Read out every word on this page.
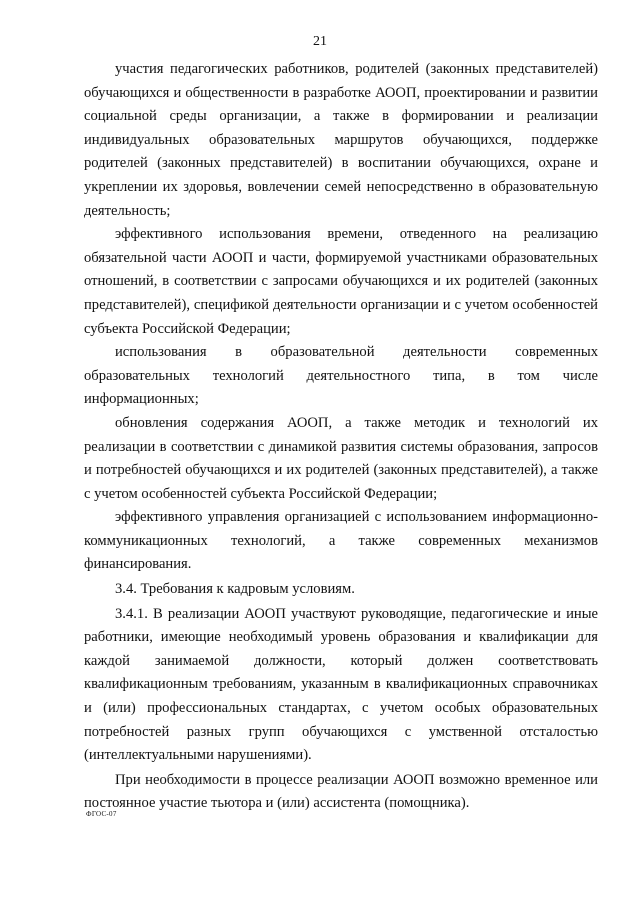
21

участия педагогических работников, родителей (законных представителей) обучающихся и общественности в разработке АООП, проектировании и развитии социальной среды организации, а также в формировании и реализации индивидуальных образовательных маршрутов обучающихся, поддержке родителей (законных представителей) в воспитании обучающихся, охране и укреплении их здоровья, вовлечении семей непосредственно в образовательную деятельность;

эффективного использования времени, отведенного на реализацию обязательной части АООП и части, формируемой участниками образовательных отношений, в соответствии с запросами обучающихся и их родителей (законных представителей), спецификой деятельности организации и с учетом особенностей субъекта Российской Федерации;

использования в образовательной деятельности современных образовательных технологий деятельностного типа, в том числе информационных;

обновления содержания АООП, а также методик и технологий их реализации в соответствии с динамикой развития системы образования, запросов и потребностей обучающихся и их родителей (законных представителей), а также с учетом особенностей субъекта Российской Федерации;

эффективного управления организацией с использованием информационно-коммуникационных технологий, а также современных механизмов финансирования.

3.4. Требования к кадровым условиям.

3.4.1. В реализации АООП участвуют руководящие, педагогические и иные работники, имеющие необходимый уровень образования и квалификации для каждой занимаемой должности, который должен соответствовать квалификационным требованиям, указанным в квалификационных справочниках и (или) профессиональных стандартах, с учетом особых образовательных потребностей разных групп обучающихся с умственной отсталостью (интеллектуальными нарушениями).

При необходимости в процессе реализации АООП возможно временное или постоянное участие тьютора и (или) ассистента (помощника).

ФГОС-07
